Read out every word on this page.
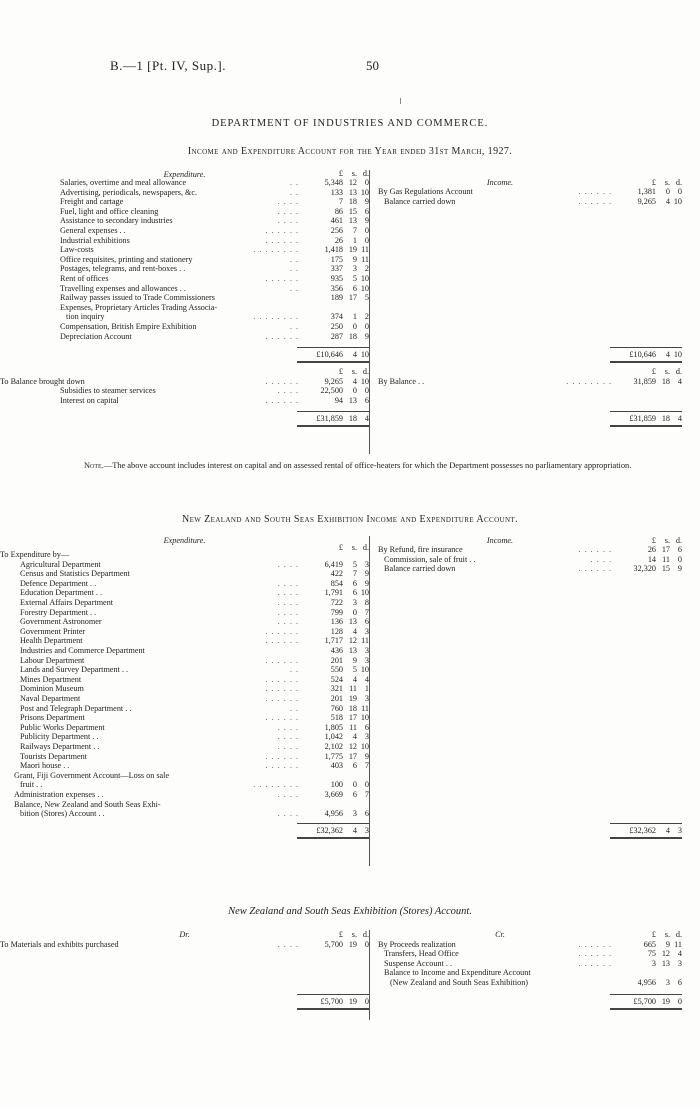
B.—1 [Pt. IV, Sup.].	50
DEPARTMENT OF INDUSTRIES AND COMMERCE.
Income and Expenditure Account for the Year ended 31st March, 1927.
Expenditure.	£	s. d.
Salaries, overtime and meal allowance	. .	5,348 12 0
Advertising, periodicals, newspapers, &c.	. .	133 13 10
Freight and cartage	. . . .	7 18 9
Fuel, light and office cleaning	. . . .	86 15 6
Assistance to secondary industries	. . . .	461 13 9
General expenses . .	. . . . . .	256	7 0
Industrial exhibitions	. . . . . .	26	1 0
Law-costs	. . . . . . . .	1,418 19 11
Office requisites, printing and stationery	. .	175	9 11
Postages, telegrams, and rent-boxes . .	. .	337	3 2
Rent of offices	. . . . . .	935	5 10
Travelling expenses and allowances . .	. .	356	6 10
Railway passes issued to Trade Commissioners	189 17 5
Expenses, Proprietary Articles Trading Associa-
tion inquiry	. . . . . . . .	374	1 2
Compensation, British Empire Exhibition	. .	250	0 0
Depreciation Account	. . . . . .	287 18 9
£10,646	4 10
£	s. d.
To Balance brought down	. . . . . .	9,265	4 10
Subsidies to steamer services	. . . .	22,500	0 0
Interest on capital	. . . . . .	94 13 6
£31,859 18 4
Income.	£	s. d.
By Gas Regulations Account	. . . . . .	1,381	0 0
Balance carried down	. . . . . .	9,265	4 10
£10,646	4 10
£	s. d.
By Balance . .	. . . . . . . .	31,859 18 4
£31,859 18 4
Note.—The above account includes interest on capital and on assessed rental of office-heaters for which the Department possesses no parliamentary appropriation.
New Zealand and South Seas Exhibition Income and Expenditure Account.
Expenditure.
£	s. d.
To Expenditure by—
Agricultural Department	. . . .	6,419	5 3
Census and Statistics Department	422	7 9
Defence Department . .	. . . .	854	6 9
Education Department . .	. . . .	1,791	6 10
External Affairs Department	. . . .	722	3 8
Forestry Department . .	. . . .	799	0 7
Government Astronomer	. . . .	136 13 6
Government Printer	. . . . . .	128	4 3
Health Department	. . . . . .	1,717 12 11
Industries and Commerce Department	436 13 3
Labour Department	. . . . . .	201	9 3
Lands and Survey Department . .	. .	550	5 10
Mines Department	. . . . . .	524	4 4
Dominion Museum	. . . . . .	321 11 1
Naval Department	. . . . . .	201 19 3
Post and Telegraph Department . .	. .	760 18 11
Prisons Department	. . . . . .	518 17 10
Public Works Department	. . . .	1,805 11 6
Publicity Department . .	. . . .	1,042	4 3
Railways Department . .	. . . .	2,102 12 10
Tourists Department	. . . . . .	1,775 17 9
Maori house . .	. . . . . .	403	6 7
Grant, Fiji Government Account—Loss on sale
fruit . .	. . . . . . . .	100	0 0
Administration expenses . .	. . . .	3,669	6 7
Balance, New Zealand and South Seas Exhi-
bition (Stores) Account . .	. . . .	4,956	3 6
£32,362	4 3
Income.	£	s. d.
By Refund, fire insurance	. . . . . .	26 17 6
Commission, sale of fruit . .	. . . .	14 11 0
Balance carried down	. . . . . .	32,320 15 9
£32,362	4 3
New Zealand and South Seas Exhibition (Stores) Account.
Dr.	£	s. d.
To Materials and exhibits purchased	. . . .	5,700 19 0
£5,700 19 0
Cr.	£	s. d.
By Proceeds realization	. . . . . .	665	9 11
Transfers, Head Office	. . . . . .	75 12 4
Suspense Account . .	. . . . . .	3 13 3
Balance to Income and Expenditure Account
(New Zealand and South Seas Exhibition)	4,956	3 6
£5,700 19 0
